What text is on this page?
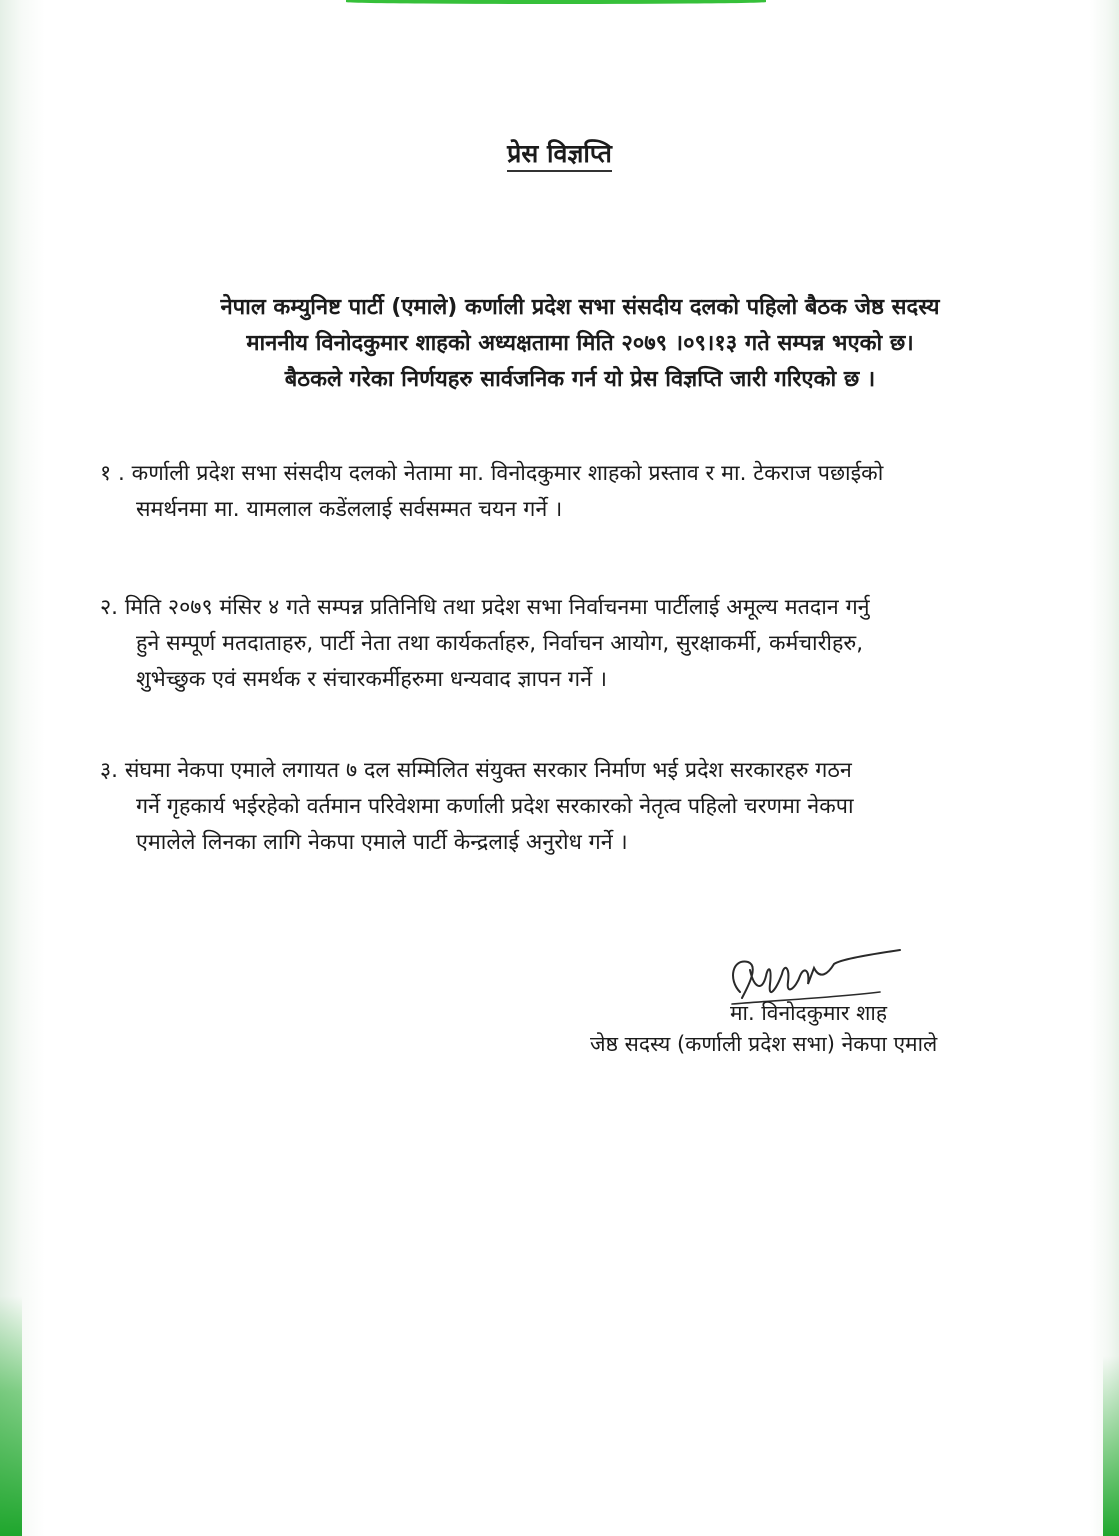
प्रेस विज्ञप्ति
नेपाल कम्युनिष्ट पार्टी (एमाले) कर्णाली प्रदेश सभा संसदीय दलको पहिलो बैठक जेष्ठ सदस्य
माननीय विनोदकुमार शाहको अध्यक्षतामा मिति २०७९ ।०९।१३ गते सम्पन्न भएको छ।
बैठकले गरेका निर्णयहरु सार्वजनिक गर्न यो प्रेस विज्ञप्ति जारी गरिएको छ ।
१ . कर्णाली प्रदेश सभा संसदीय दलको नेतामा मा. विनोदकुमार शाहको प्रस्ताव र मा. टेकराज पछाईको
समर्थनमा मा. यामलाल कडेंललाई सर्वसम्मत चयन गर्ने ।
२. मिति २०७९ मंसिर ४ गते सम्पन्न प्रतिनिधि तथा प्रदेश सभा निर्वाचनमा पार्टीलाई अमूल्य मतदान गर्नु
हुने सम्पूर्ण मतदाताहरु, पार्टी नेता तथा कार्यकर्ताहरु, निर्वाचन आयोग, सुरक्षाकर्मी, कर्मचारीहरु,
शुभेच्छुक एवं समर्थक र संचारकर्मीहरुमा धन्यवाद ज्ञापन गर्ने ।
३. संघमा नेकपा एमाले लगायत ७ दल सम्मिलित संयुक्त सरकार निर्माण भई प्रदेश सरकारहरु गठन
गर्ने गृहकार्य भईरहेको वर्तमान परिवेशमा कर्णाली प्रदेश सरकारको नेतृत्व पहिलो चरणमा नेकपा
एमालेले लिनका लागि नेकपा एमाले पार्टी केन्द्रलाई अनुरोध गर्ने ।
मा. विनोदकुमार शाह
जेष्ठ सदस्य (कर्णाली प्रदेश सभा) नेकपा एमाले
